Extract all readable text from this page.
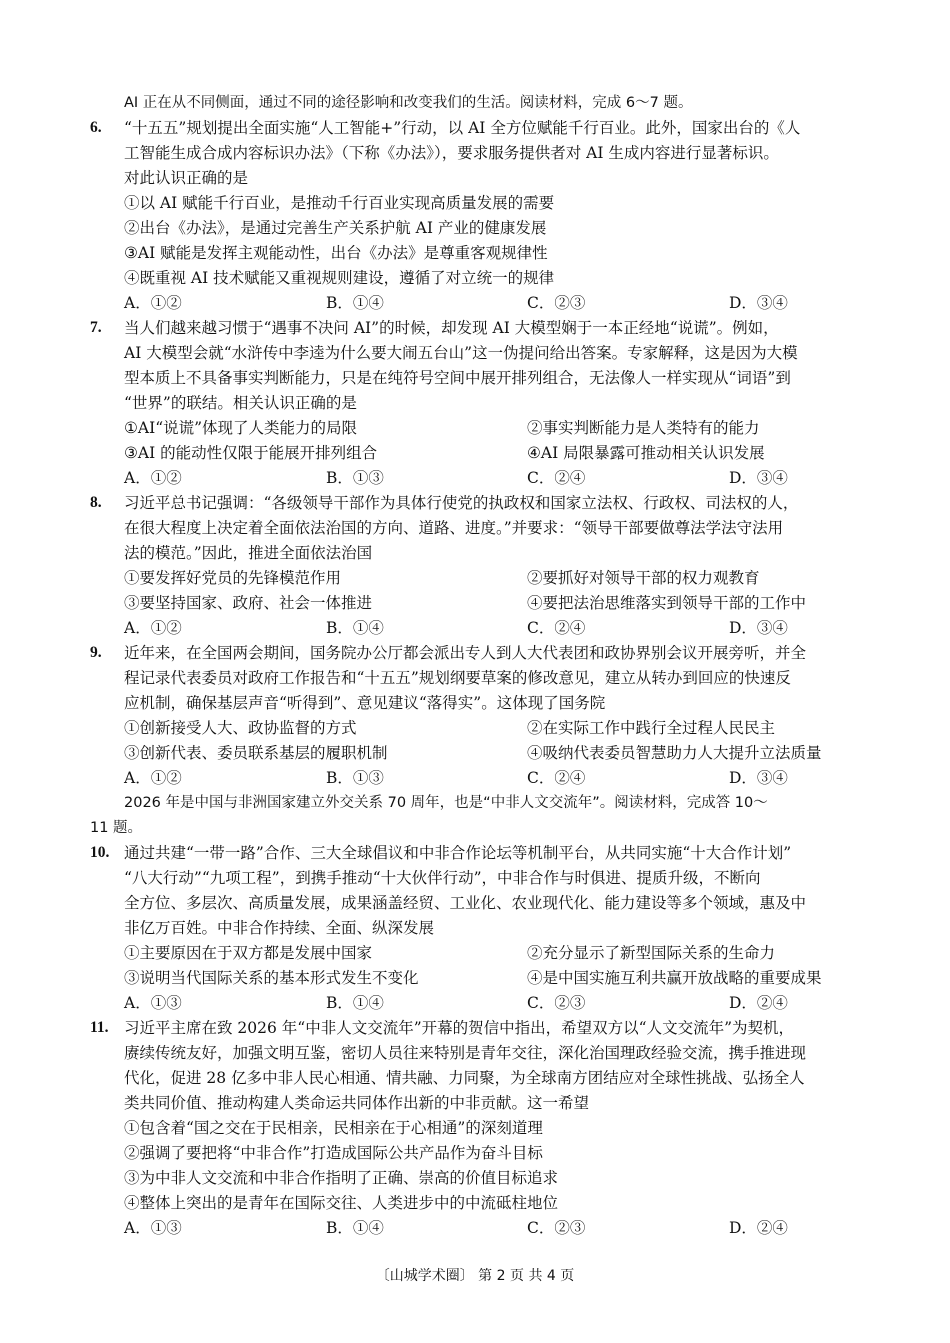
AI 正在从不同侧面，通过不同的途径影响和改变我们的生活。阅读材料，完成 6～7 题。
6. “十五五”规划提出全面实施“人工智能+”行动，以 AI 全方位赋能千行百业。此外，国家出台的《人
工智能生成合成内容标识办法》（下称《办法》），要求服务提供者对 AI 生成内容进行显著标识。
对此认识正确的是
①以 AI 赋能千行百业，是推动千行百业实现高质量发展的需要
②出台《办法》，是通过完善生产关系护航 AI 产业的健康发展
③AI 赋能是发挥主观能动性，出台《办法》是尊重客观规律性
④既重视 AI 技术赋能又重视规则建设，遵循了对立统一的规律
A．①②	B．①④	C．②③	D．③④
7. 当人们越来越习惯于“遇事不决问 AI”的时候，却发现 AI 大模型娴于一本正经地“说谎”。例如，
AI 大模型会就“水浒传中李逵为什么要大闹五台山”这一伪提问给出答案。专家解释，这是因为大模
型本质上不具备事实判断能力，只是在纯符号空间中展开排列组合，无法像人一样实现从“词语”到
“世界”的联结。相关认识正确的是
①AI“说谎”体现了人类能力的局限	②事实判断能力是人类特有的能力
③AI 的能动性仅限于能展开排列组合	④AI 局限暴露可推动相关认识发展
A．①②	B．①③	C．②④	D．③④
8. 习近平总书记强调：“各级领导干部作为具体行使党的执政权和国家立法权、行政权、司法权的人，
在很大程度上决定着全面依法治国的方向、道路、进度。”并要求：“领导干部要做尊法学法守法用
法的模范。”因此，推进全面依法治国
①要发挥好党员的先锋模范作用	②要抓好对领导干部的权力观教育
③要坚持国家、政府、社会一体推进	④要把法治思维落实到领导干部的工作中
A．①②	B．①④	C．②④	D．③④
9. 近年来，在全国两会期间，国务院办公厅都会派出专人到人大代表团和政协界别会议开展旁听，并全
程记录代表委员对政府工作报告和“十五五”规划纲要草案的修改意见，建立从转办到回应的快速反
应机制，确保基层声音“听得到”、意见建议“落得实”。这体现了国务院
①创新接受人大、政协监督的方式	②在实际工作中践行全过程人民民主
③创新代表、委员联系基层的履职机制	④吸纳代表委员智慧助力人大提升立法质量
A．①②	B．①③	C．②④	D．③④
2026 年是中国与非洲国家建立外交关系 70 周年，也是“中非人文交流年”。阅读材料，完成答 10～
11 题。
10. 通过共建“一带一路”合作、三大全球倡议和中非合作论坛等机制平台，从共同实施“十大合作计划”
“八大行动”“九项工程”，到携手推动“十大伙伴行动”，中非合作与时俱进、提质升级，不断向
全方位、多层次、高质量发展，成果涵盖经贸、工业化、农业现代化、能力建设等多个领域，惠及中
非亿万百姓。中非合作持续、全面、纵深发展
①主要原因在于双方都是发展中国家	②充分显示了新型国际关系的生命力
③说明当代国际关系的基本形式发生不变化	④是中国实施互利共赢开放战略的重要成果
A．①③	B．①④	C．②③	D．②④
11. 习近平主席在致 2026 年“中非人文交流年”开幕的贺信中指出，希望双方以“人文交流年”为契机，
赓续传统友好，加强文明互鉴，密切人员往来特别是青年交往，深化治国理政经验交流，携手推进现
代化，促进 28 亿多中非人民心相通、情共融、力同聚，为全球南方团结应对全球性挑战、弘扬全人
类共同价值、推动构建人类命运共同体作出新的中非贡献。这一希望
①包含着“国之交在于民相亲，民相亲在于心相通”的深刻道理
②强调了要把将“中非合作”打造成国际公共产品作为奋斗目标
③为中非人文交流和中非合作指明了正确、崇高的价值目标追求
④整体上突出的是青年在国际交往、人类进步中的中流砥柱地位
A．①③	B．①④	C．②③	D．②④
〔山城学术圈〕 第 2 页 共 4 页
